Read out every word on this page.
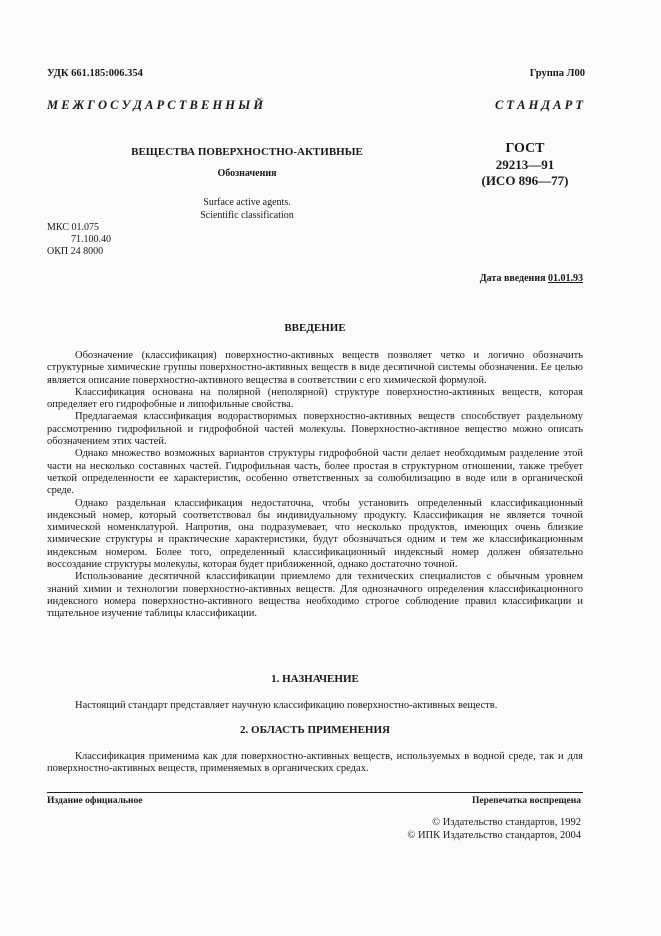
УДК 661.185:006.354	Группа Л00
М Е Ж Г О С У Д А Р С Т В Е Н Н Ы Й	С Т А Н Д А Р Т
ВЕЩЕСТВА ПОВЕРХНОСТНО-АКТИВНЫЕ
Обозначения
Surface active agents.
Scientific classification
ГОСТ
29213—91
(ИСО 896—77)
МКС 01.075
71.100.40
ОКП 24 8000
Дата введения 01.01.93
ВВЕДЕНИЕ

Обозначение (классификация) поверхностно-активных веществ позволяет четко и логично обозначить структурные химические группы поверхностно-активных веществ в виде десятичной системы обозначения. Ее целью является описание поверхностно-активного вещества в соответствии с его химической формулой.

Классификация основана на полярной (неполярной) структуре поверхностно-активных веществ, которая определяет его гидрофобные и липофильные свойства.

Предлагаемая классификация водорастворимых поверхностно-активных веществ способствует раздельному рассмотрению гидрофильной и гидрофобной частей молекулы. Поверхностно-активное вещество можно описать обозначением этих частей.

Однако множество возможных вариантов структуры гидрофобной части делает необходимым разделение этой части на несколько составных частей. Гидрофильная часть, более простая в структурном отношении, также требует четкой определенности ее характеристик, особенно ответственных за солюбилизацию в воде или в органической среде.

Однако раздельная классификация недостаточна, чтобы установить определенный классификационный индексный номер, который соответствовал бы индивидуальному продукту. Классификация не является точной химической номенклатурой. Напротив, она подразумевает, что несколько продуктов, имеющих очень близкие химические структуры и практические характеристики, будут обозначаться одним и тем же классификационным индексным номером. Более того, определенный классификационный индексный номер должен обязательно воссоздание структуры молекулы, которая будет приближенной, однако достаточно точной.

Использование десятичной классификации приемлемо для технических специалистов с обычным уровнем знаний химии и технологии поверхностно-активных веществ. Для однозначного определения классификационного индексного номера поверхностно-активного вещества необходимо строгое соблюдение правил классификации и тщательное изучение таблицы классификации.

1. НАЗНАЧЕНИЕ
Настоящий стандарт представляет научную классификацию поверхностно-активных веществ.
2. ОБЛАСТЬ ПРИМЕНЕНИЯ
Классификация применима как для поверхностно-активных веществ, используемых в водной среде, так и для поверхностно-активных веществ, применяемых в органических средах.
Издание официальное	Перепечатка воспрещена
© Издательство стандартов, 1992
© ИПК Издательство стандартов, 2004
